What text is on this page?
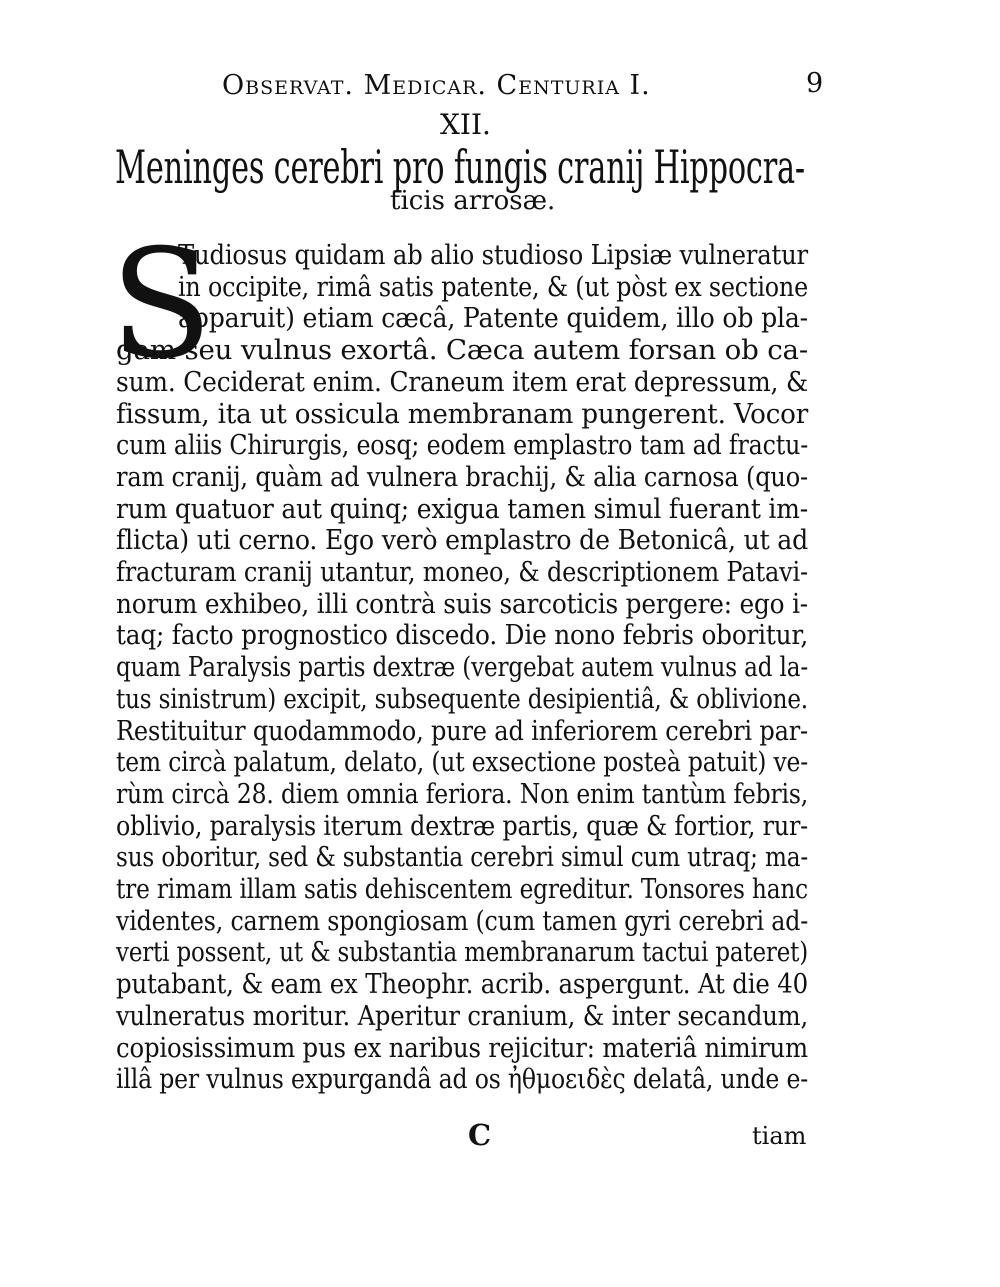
Observat. Medicar. Centuria I.	9
XII.
Meninges cerebri pro fungis cranij Hippocra-
ticis arrosæ.
S
Tudiosus quidam ab alio studioso Lipsiæ vulneratur
in occipite, rimâ satis patente, & (ut pòst ex sectione
apparuit) etiam cæcâ, Patente quidem, illo ob pla-
gam seu vulnus exortâ. Cæca autem forsan ob ca-
sum. Ceciderat enim. Craneum item erat depressum, &
fissum, ita ut ossicula membranam pungerent. Vocor
cum aliis Chirurgis, eosq; eodem emplastro tam ad fractu-
ram cranij, quàm ad vulnera brachij, & alia carnosa (quo-
rum quatuor aut quinq; exigua tamen simul fuerant im-
flicta) uti cerno. Ego verò emplastro de Betonicâ, ut ad
fracturam cranij utantur, moneo, & descriptionem Patavi-
norum exhibeo, illi contrà suis sarcoticis pergere: ego i-
taq; facto prognostico discedo. Die nono febris oboritur,
quam Paralysis partis dextræ (vergebat autem vulnus ad la-
tus sinistrum) excipit, subsequente desipientiâ, & oblivione.
Restituitur quodammodo, pure ad inferiorem cerebri par-
tem circà palatum, delato, (ut exsectione posteà patuit) ve-
rùm circà 28. diem omnia feriora. Non enim tantùm febris,
oblivio, paralysis iterum dextræ partis, quæ & fortior, rur-
sus oboritur, sed & substantia cerebri simul cum utraq; ma-
tre rimam illam satis dehiscentem egreditur. Tonsores hanc
videntes, carnem spongiosam (cum tamen gyri cerebri ad-
verti possent, ut & substantia membranarum tactui pateret)
putabant, & eam ex Theophr. acrib. aspergunt. At die 40
vulneratus moritur. Aperitur cranium, & inter secandum,
copiosissimum pus ex naribus rejicitur: materiâ nimirum
illâ per vulnus expurgandâ ad os ἠθμοειδὲς delatâ, unde e-
C	tiam
